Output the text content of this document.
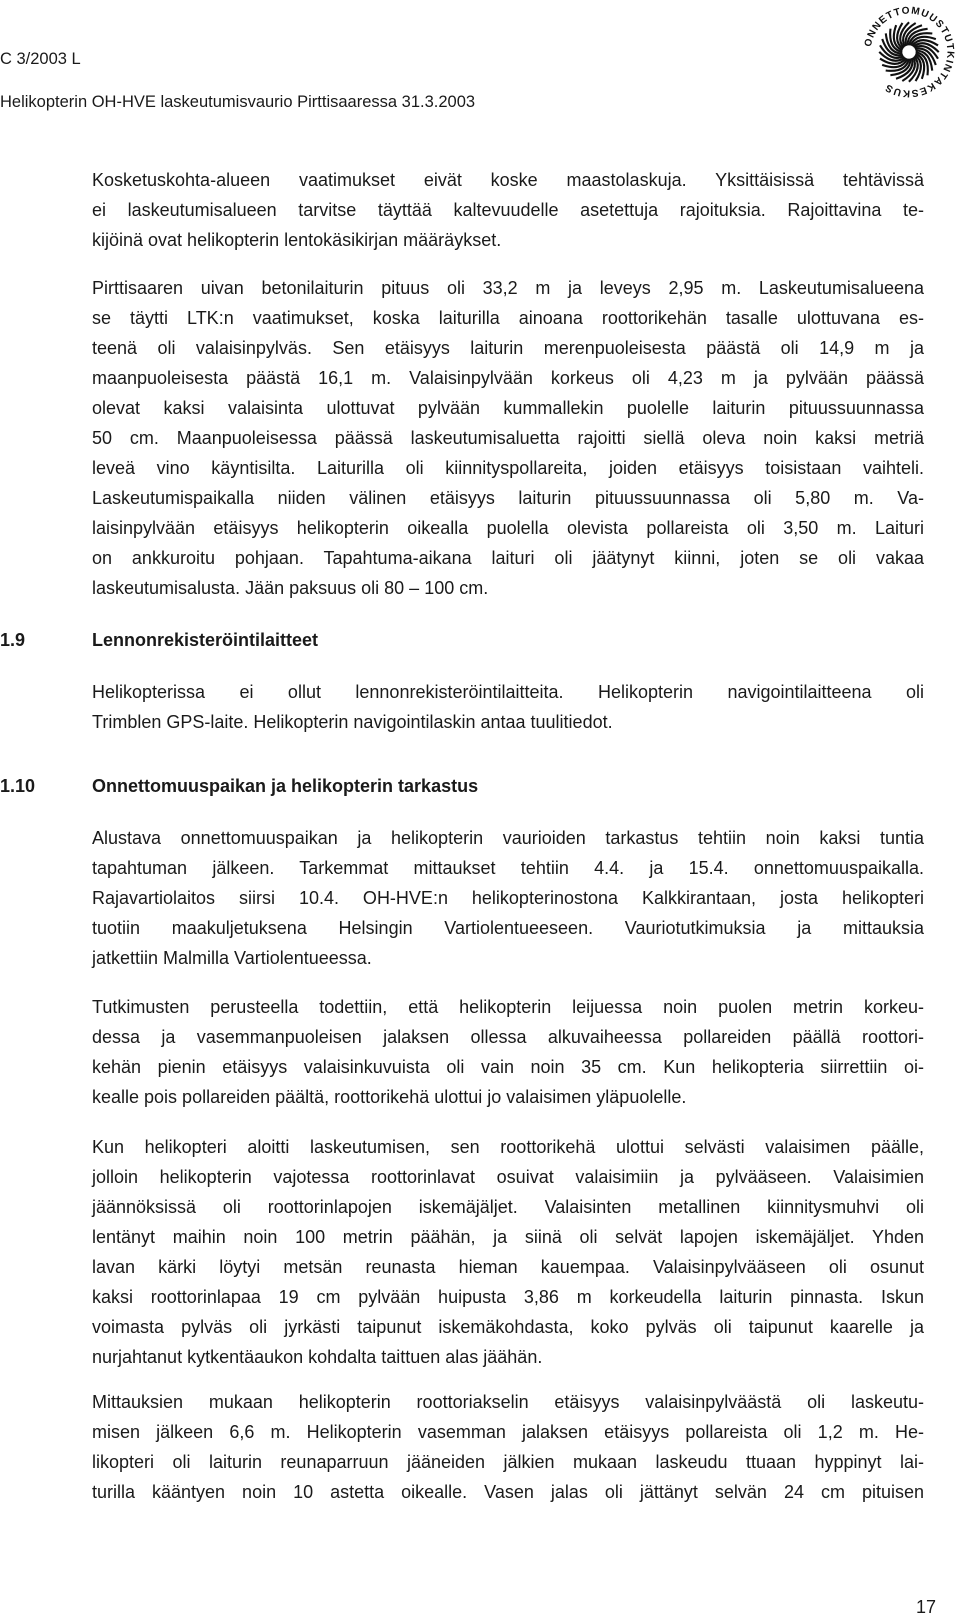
C 3/2003 L
Helikopterin OH-HVE laskeutumisvaurio Pirttisaaressa 31.3.2003
ONNETTOMUUSTUTKINTAKESKUS

Kosketuskohta-alueen vaatimukset eivät koske maastolaskuja. Yksittäisissä tehtävissä
ei laskeutumisalueen tarvitse täyttää kaltevuudelle asetettuja rajoituksia. Rajoittavina te-
kijöinä ovat helikopterin lentokäsikirjan määräykset.

Pirttisaaren uivan betonilaiturin pituus oli 33,2 m ja leveys 2,95 m. Laskeutumisalueena
se täytti LTK:n vaatimukset, koska laiturilla ainoana roottorikehän tasalle ulottuvana es-
teenä oli valaisinpylväs. Sen etäisyys laiturin merenpuoleisesta päästä oli 14,9 m ja
maanpuoleisesta päästä 16,1 m. Valaisinpylvään korkeus oli 4,23 m ja pylvään päässä
olevat kaksi valaisinta ulottuvat pylvään kummallekin puolelle laiturin pituussuunnassa
50 cm. Maanpuoleisessa päässä laskeutumisaluetta rajoitti siellä oleva noin kaksi metriä
leveä vino käyntisilta. Laiturilla oli kiinnityspollareita, joiden etäisyys toisistaan vaihteli.
Laskeutumispaikalla niiden välinen etäisyys laiturin pituussuunnassa oli 5,80 m. Va-
laisinpylvään etäisyys helikopterin oikealla puolella olevista pollareista oli 3,50 m. Laituri
on ankkuroitu pohjaan. Tapahtuma-aikana laituri oli jäätynyt kiinni, joten se oli vakaa
laskeutumisalusta. Jään paksuus oli 80 – 100 cm.

1.9	Lennonrekisteröintilaitteet

Helikopterissa ei ollut lennonrekisteröintilaitteita. Helikopterin navigointilaitteena oli
Trimblen GPS-laite. Helikopterin navigointilaskin antaa tuulitiedot.

1.10	Onnettomuuspaikan ja helikopterin tarkastus

Alustava onnettomuuspaikan ja helikopterin vaurioiden tarkastus tehtiin noin kaksi tuntia
tapahtuman jälkeen. Tarkemmat mittaukset tehtiin 4.4. ja 15.4. onnettomuuspaikalla.
Rajavartiolaitos siirsi 10.4. OH-HVE:n helikopterinostona Kalkkirantaan, josta helikopteri
tuotiin maakuljetuksena Helsingin Vartiolentueeseen. Vauriotutkimuksia ja mittauksia
jatkettiin Malmilla Vartiolentueessa.

Tutkimusten perusteella todettiin, että helikopterin leijuessa noin puolen metrin korkeu-
dessa ja vasemmanpuoleisen jalaksen ollessa alkuvaiheessa pollareiden päällä roottori-
kehän pienin etäisyys valaisinkuvuista oli vain noin 35 cm. Kun helikopteria siirrettiin oi-
kealle pois pollareiden päältä, roottorikehä ulottui jo valaisimen yläpuolelle.

Kun helikopteri aloitti laskeutumisen, sen roottorikehä ulottui selvästi valaisimen päälle,
jolloin helikopterin vajotessa roottorinlavat osuivat valaisimiin ja pylvääseen. Valaisimien
jäännöksissä oli roottorinlapojen iskemäjäljet. Valaisinten metallinen kiinnitysmuhvi oli
lentänyt maihin noin 100 metrin päähän, ja siinä oli selvät lapojen iskemäjäljet. Yhden
lavan kärki löytyi metsän reunasta hieman kauempaa. Valaisinpylvääseen oli osunut
kaksi roottorinlapaa 19 cm pylvään huipusta 3,86 m korkeudella laiturin pinnasta. Iskun
voimasta pylväs oli jyrkästi taipunut iskemäkohdasta, koko pylväs oli taipunut kaarelle ja
nurjahtanut kytkentäaukon kohdalta taittuen alas jäähän.

Mittauksien mukaan helikopterin roottoriakselin etäisyys valaisinpylväästä oli laskeutu-
misen jälkeen 6,6 m. Helikopterin vasemman jalaksen etäisyys pollareista oli 1,2 m. He-
likopteri oli laiturin reunaparruun jääneiden jälkien mukaan laskeudu ttuaan hyppinyt lai-
turilla kääntyen noin 10 astetta oikealle. Vasen jalas oli jättänyt selvän 24 cm pituisen

17
